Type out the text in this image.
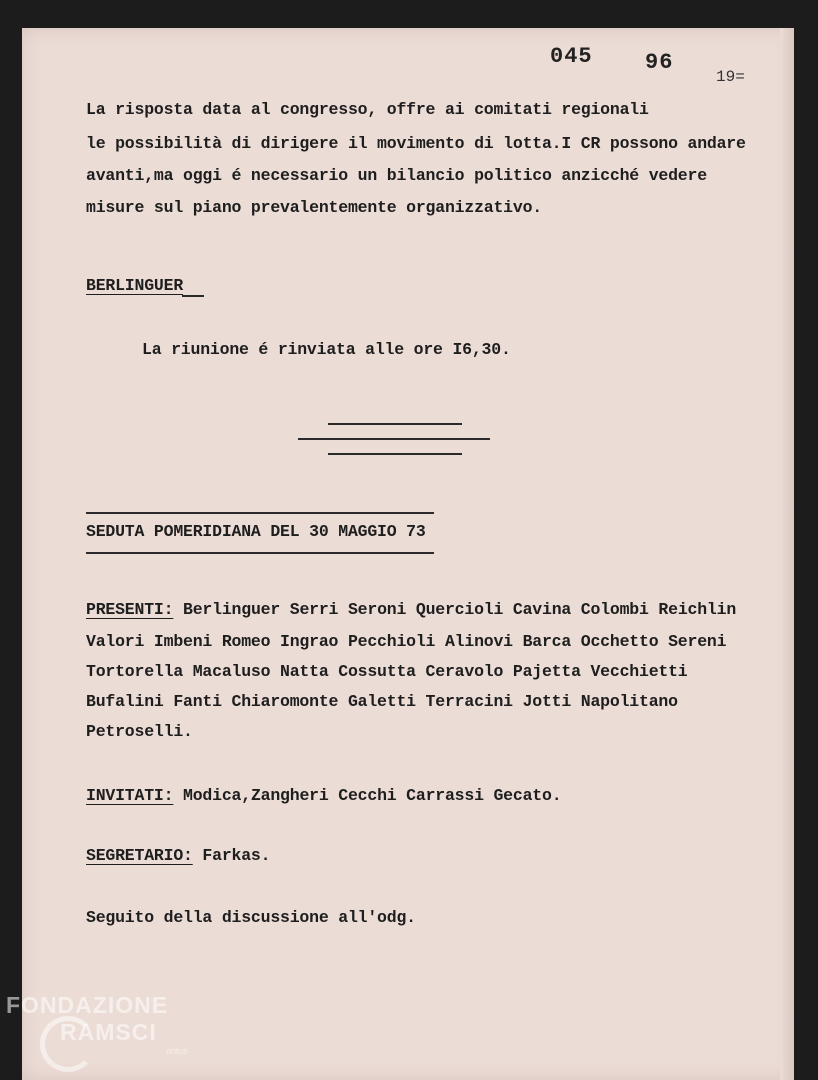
045 96
19=
La risposta data al congresso, offre ai comitati regionali
le possibilità di dirigere il movimento di lotta.I CR possono andare
avanti,ma oggi é necessario un bilancio politico anzicché vedere
misure sul piano prevalentemente organizzativo.
BERLINGUER
La riunione é rinviata alle ore I6,30.
SEDUTA POMERIDIANA DEL 30 MAGGIO 73
PRESENTI: Berlinguer Serri Seroni Quercioli Cavina Colombi Reichlin
Valori Imbeni Romeo Ingrao Pecchioli Alinovi Barca Occhetto Sereni
Tortorella Macaluso Natta Cossutta Ceravolo Pajetta Vecchietti
Bufalini Fanti Chiaromonte Galetti Terracini Jotti Napolitano
Petroselli.
INVITATI: Modica,Zangheri Cecchi Carrassi Gecato.
SEGRETARIO: Farkas.
Seguito della discussione all'odg.
FONDAZIONE
RAMSCI
onlus
